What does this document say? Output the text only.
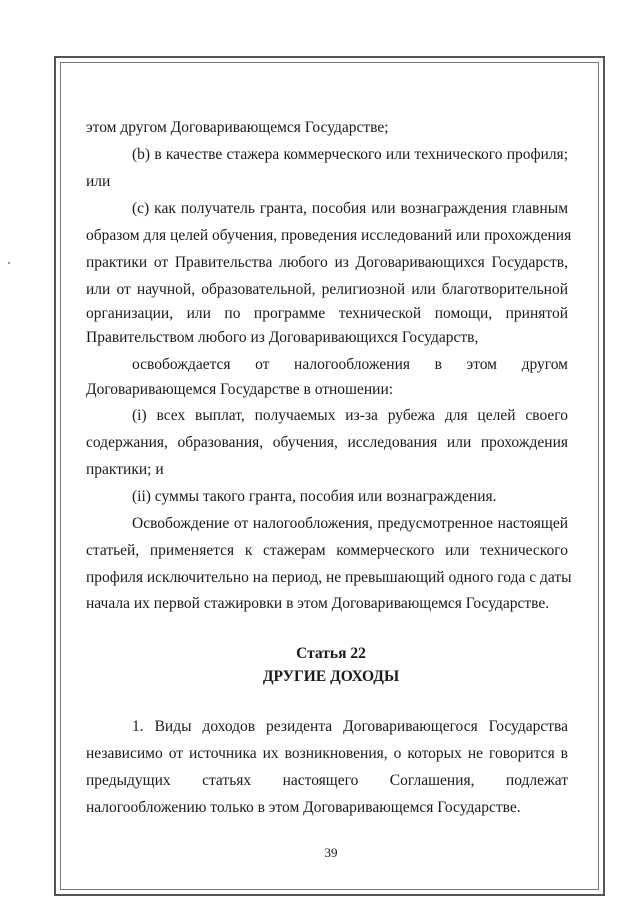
этом другом Договаривающемся Государстве;
(b) в качестве стажера коммерческого или технического профиля;
или
(c) как получатель гранта, пособия или вознаграждения главным
образом для целей обучения, проведения исследований или прохождения
практики от Правительства любого из Договаривающихся Государств,
или от научной, образовательной, религиозной или благотворительной
организации, или по программе технической помощи, принятой
Правительством любого из Договаривающихся Государств,
освобождается от налогообложения в этом другом
Договаривающемся Государстве в отношении:
(i) всех выплат, получаемых из-за рубежа для целей своего
содержания, образования, обучения, исследования или прохождения
практики; и
(ii) суммы такого гранта, пособия или вознаграждения.
Освобождение от налогообложения, предусмотренное настоящей
статьей, применяется к стажерам коммерческого или технического
профиля исключительно на период, не превышающий одного года с даты
начала их первой стажировки в этом Договаривающемся Государстве.
Статья 22
ДРУГИЕ ДОХОДЫ
1. Виды доходов резидента Договаривающегося Государства
независимо от источника их возникновения, о которых не говорится в
предыдущих статьях настоящего Соглашения, подлежат
налогообложению только в этом Договаривающемся Государстве.
39
